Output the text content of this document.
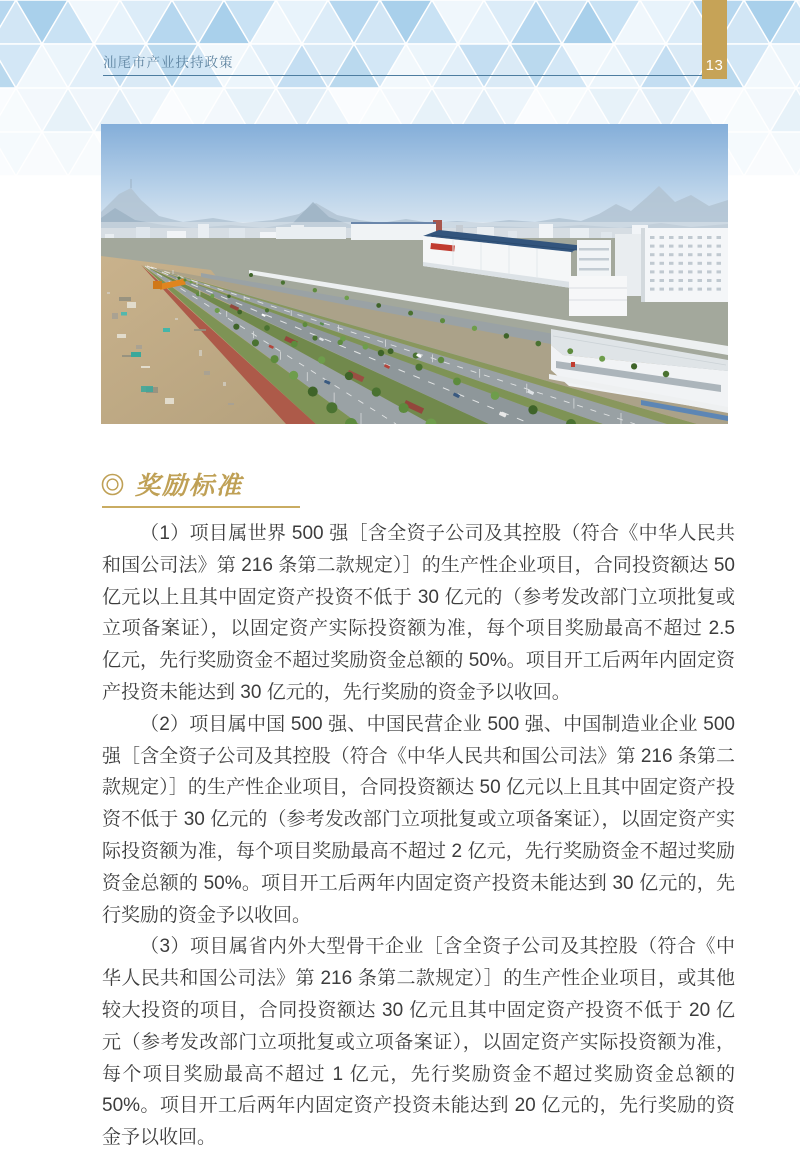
汕尾市产业扶持政策	13
奖励标准

（1）项目属世界 500 强［含全资子公司及其控股（符合《中华人民共和国公司法》第 216 条第二款规定）］的生产性企业项目，合同投资额达 50 亿元以上且其中固定资产投资不低于 30 亿元的（参考发改部门立项批复或立项备案证），以固定资产实际投资额为准，每个项目奖励最高不超过 2.5 亿元，先行奖励资金不超过奖励资金总额的 50%。项目开工后两年内固定资产投资未能达到 30 亿元的，先行奖励的资金予以收回。

（2）项目属中国 500 强、中国民营企业 500 强、中国制造业企业 500 强［含全资子公司及其控股（符合《中华人民共和国公司法》第 216 条第二款规定）］的生产性企业项目，合同投资额达 50 亿元以上且其中固定资产投资不低于 30 亿元的（参考发改部门立项批复或立项备案证），以固定资产实际投资额为准，每个项目奖励最高不超过 2 亿元，先行奖励资金不超过奖励资金总额的 50%。项目开工后两年内固定资产投资未能达到 30 亿元的，先行奖励的资金予以收回。

（3）项目属省内外大型骨干企业［含全资子公司及其控股（符合《中华人民共和国公司法》第 216 条第二款规定）］的生产性企业项目，或其他较大投资的项目，合同投资额达 30 亿元且其中固定资产投资不低于 20 亿元（参考发改部门立项批复或立项备案证），以固定资产实际投资额为准，每个项目奖励最高不超过 1 亿元，先行奖励资金不超过奖励资金总额的 50%。项目开工后两年内固定资产投资未能达到 20 亿元的，先行奖励的资金予以收回。
